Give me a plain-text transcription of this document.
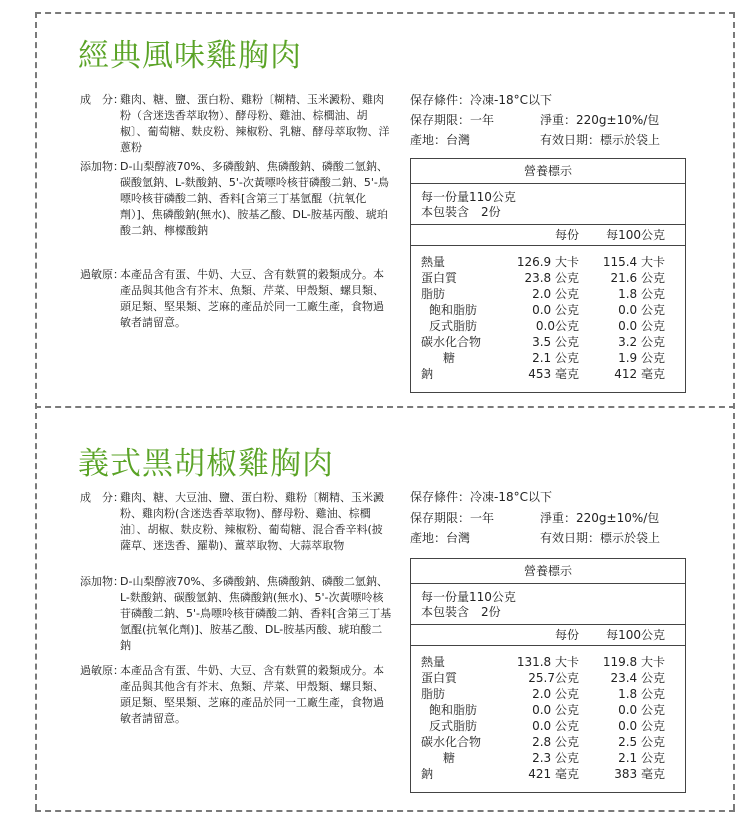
經典風味雞胸肉
成　分：
雞肉、糖、鹽、蛋白粉、雞粉〔糊精、玉米澱粉、雞肉粉（含迷迭香萃取物）、酵母粉、雞油、棕櫚油、胡椒〕、葡萄糖、麩皮粉、辣椒粉、乳糖、酵母萃取物、洋蔥粉
添加物：
D-山梨醇液70%、多磷酸鈉、焦磷酸鈉、磷酸二氫鈉、碳酸氫鈉、L-麩酸鈉、5'-次黃嘌呤核苷磷酸二鈉、5'-鳥嘌呤核苷磷酸二鈉、香料[含第三丁基氫醌（抗氧化劑）]、焦磷酸鈉(無水)、胺基乙酸、DL-胺基丙酸、琥珀酸二鈉、檸檬酸鈉
過敏原：
本產品含有蛋、牛奶、大豆、含有麩質的穀類成分。本產品與其他含有芥末、魚類、芹菜、甲殼類、螺貝類、頭足類、堅果類、芝麻的產品於同一工廠生產，食物過敏者請留意。
保存條件：冷凍-18°C以下
保存期限：一年	淨重：220g±10%/包
產地：台灣	有效日期：標示於袋上
營養標示
每一份量110公克
本包裝含　2份
每份 每100公克
熱量	126.9 大卡 115.4 大卡
蛋白質	23.8 公克	21.6 公克
脂肪	2.0 公克	1.8 公克
飽和脂肪	0.0 公克	0.0 公克
反式脂肪	0.0公克	0.0 公克
碳水化合物	3.5 公克	3.2 公克
糖	2.1 公克	1.9 公克
鈉	453 毫克	412 毫克
義式黑胡椒雞胸肉
成　分：
雞肉、糖、大豆油、鹽、蛋白粉、雞粉〔糊精、玉米澱粉、雞肉粉(含迷迭香萃取物)、酵母粉、雞油、棕櫚油〕、胡椒、麩皮粉、辣椒粉、葡萄糖、混合香辛料(披薩草、迷迭香、羅勒)、薑萃取物、大蒜萃取物
添加物：
D-山梨醇液70%、多磷酸鈉、焦磷酸鈉、磷酸二氫鈉、L-麩酸鈉、碳酸氫鈉、焦磷酸鈉(無水)、5'-次黃嘌呤核苷磷酸二鈉、5'-鳥嘌呤核苷磷酸二鈉、香料[含第三丁基氫醌(抗氧化劑)]、胺基乙酸、DL-胺基丙酸、琥珀酸二鈉
過敏原：
本產品含有蛋、牛奶、大豆、含有麩質的穀類成分。本產品與其他含有芥末、魚類、芹菜、甲殼類、螺貝類、頭足類、堅果類、芝麻的產品於同一工廠生產，食物過敏者請留意。
保存條件：冷凍-18°C以下
保存期限：一年	淨重：220g±10%/包
產地：台灣	有效日期：標示於袋上
營養標示
每一份量110公克
本包裝含　2份
每份 每100公克
熱量	131.8 大卡 119.8 大卡
蛋白質	25.7公克	23.4 公克
脂肪	2.0 公克	1.8 公克
飽和脂肪	0.0 公克	0.0 公克
反式脂肪	0.0 公克	0.0 公克
碳水化合物	2.8 公克	2.5 公克
糖	2.3 公克	2.1 公克
鈉	421 毫克	383 毫克
